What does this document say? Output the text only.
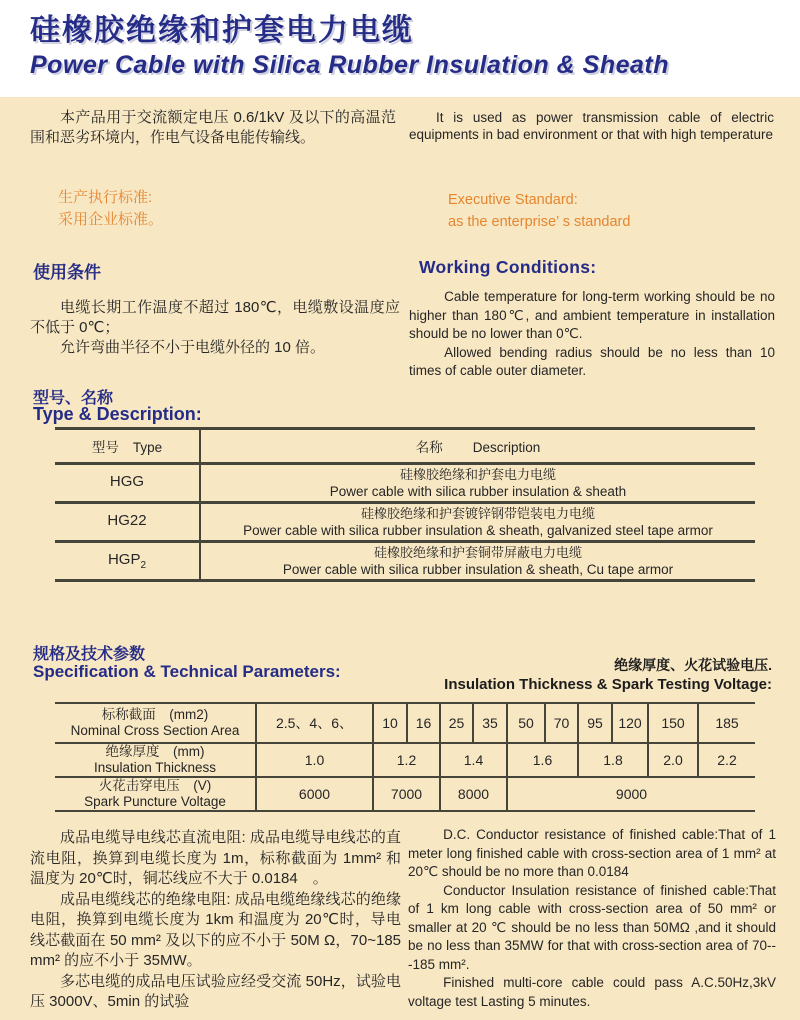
硅橡胶绝缘和护套电力电缆
Power Cable with Silica Rubber Insulation & Sheath

本产品用于交流额定电压 0.6/1kV 及以下的高温范围和恶劣环境内，作电气设备电能传输线。

It is used as power transmission cable of electric equipments in bad environment or that with high temperature

生产执行标准:
采用企业标准。
Executive Standard:
as the enterprise’ s standard
使用条件	Working Conditions:

电缆长期工作温度不超过 180℃，电缆敷设温度应不低于 0℃；

允许弯曲半径不小于电缆外径的 10 倍。

Cable temperature for long-term working should be no higher than 180℃, and ambient temperature in installation should be no lower than 0℃.

Allowed bending radius should be no less than 10 times of cable outer diameter.

型号、名称
Type & Description:
型号 Type	名称 Description
HGG	硅橡胶绝缘和护套电力电缆
Power cable with silica rubber insulation & sheath

HG22	硅橡胶绝缘和护套镀锌钢带铠装电力电缆
Power cable with silica rubber insulation & sheath, galvanized steel tape armor

$HGP_2$	硅橡胶绝缘和护套铜带屏蔽电力电缆
Power cable with silica rubber insulation & sheath, Cu tape armor
规格及技术参数
Specification & Technical Parameters:	绝缘厚度、火花试验电压.
Insulation Thickness & Spark Testing Voltage:
标称截面　(mm2)
Nominal Cross Section Area	2.5、4、6、	10	16	25	35	50	70	95	120	150	185

绝缘厚度　(mm)
Insulation Thickness	1.0	1.2		1.4		1.6		1.8		2.0	2.2

火花击穿电压　(V)
Spark Puncture Voltage	6000	7000		8000		9000					

成品电缆导电线芯直流电阻: 成品电缆导电线芯的直流电阻，换算到电缆长度为 1m，标称截面为 1mm² 和温度为 20℃时，铜芯线应不大于 0.0184　。

成品电缆线芯的绝缘电阻: 成品电缆绝缘线芯的绝缘电阻，换算到电缆长度为 1km 和温度为 20℃时，导电线芯截面在 50 mm² 及以下的应不小于 50M Ω，70~185 mm² 的应不小于 35MW。

多芯电缆的成品电压试验应经受交流 50Hz，试验电压 3000V、5min 的试验

D.C. Conductor resistance of finished cable:That of 1 meter long finished cable with cross-section area of 1 mm² at 20℃ should be no more than 0.0184

Conductor Insulation resistance of finished cable:That of 1 km long cable with cross-section area of 50 mm² or smaller at 20 ℃ should be no less than 50MΩ ,and it should be no less than 35MW for that with cross-section area of 70---185 mm².

Finished multi-core cable could pass A.C.50Hz,3kV voltage test Lasting 5 minutes.
